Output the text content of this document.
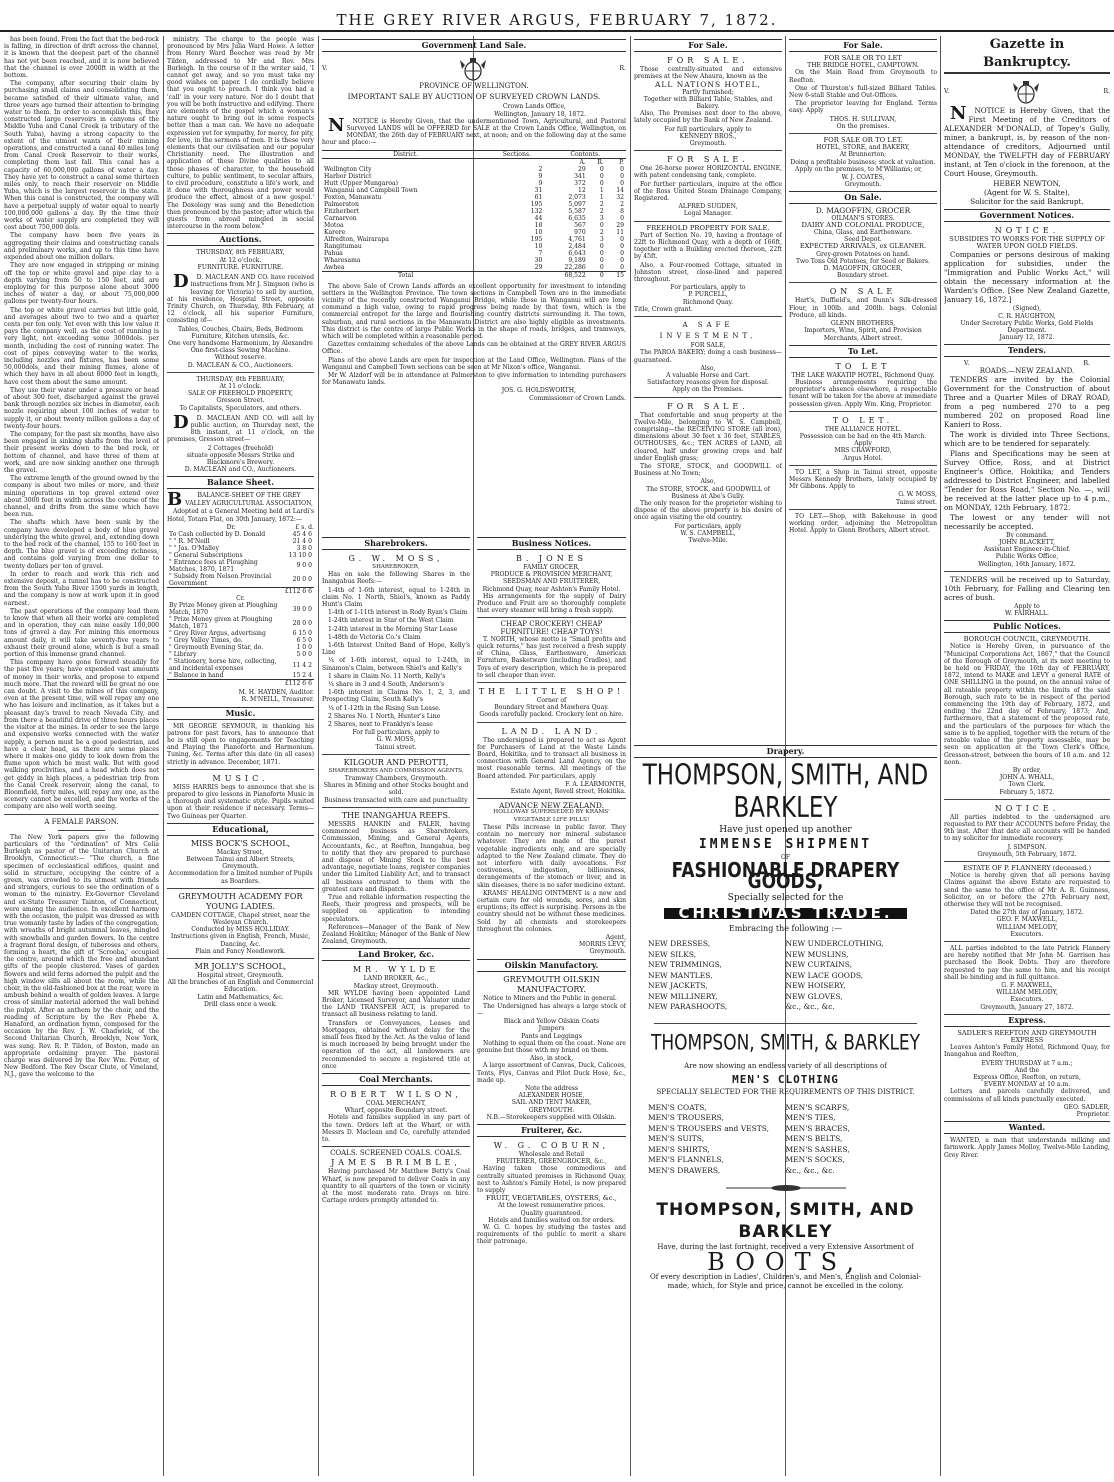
THE GREY RIVER ARGUS, FEBRUARY 7, 1872.
has been found. From the fact that the bed-rock is falling, in direction of drift across the channel, it is known that the deepest part of the channel has not yet been reached, and it is now believed that the channel is over 2000ft in width at the bottom.
The company, after securing their claim by purchasing small claims and consolidating them, became satisfied of their ultimate value, and three years ago turned their attention to bringing water to them. In order to accomplish this, they constructed large reservoirs in canyons of the Middle Yuba and Canal Creek (a tributary of the South Yuba), having a strong capacity to the extent of the utmost wants of their mining operations, and constructed a canal 40 miles long from Canal Creek Reservoir to their works, completing them last fall. This canal has a capacity of 60,000,000 gallons of water a day. They have yet to construct a canal some thirteen miles only, to reach their reservoir on Middle Yuba, which is the largest reservoir in the state. When this canal is constructed, the company will have a perpetual supply of water equal to nearly 100,000,000 gallons a day. By the time their works of water supply are completed they will cost about 750,000 dols.
The company have been five years in aggregating their claims and constructing canals and preliminary works, and up to this time have expended about one million dollars.
They are now engaged in stripping or mining off the top or white gravel and pipe clay to a depth varying from 50 to 150 feet, and are employing for this purpose alone about 3000 inches of water a day, or about 75,000,000 gallons per twenty-four hours.
The top or white gravel carries but little gold, and averages about two to two and a quarter cents per ton only. Yet even with this low value it pays the company well, as the cost of running is very light, not exceeding some 3000dols. per month, including the cost of running water. The cost of pipes conveying water to the works, including nozzles and fixtures, has been some 50,000dols, and their mining flumes, alone of which they have in all about 8000 feet in length, have cost them about the same amount.
They use their water under a pressure or head of about 300 feet, discharged against the gravel bank through nozzles six inches in diameter, each nozzle requiring about 100 inches of water to supply it, or about twenty million gallons a day of twenty-four hours.
The company, for the past six months, have also been engaged in sinking shafts from the level of their present works down to the bed rock, or bottom of channel, and have three of them at work, and are now sinking another one through the gravel.
The extreme length of the ground owned by the company is about two miles or more, and their mining operations in top gravel extend over about 3000 feet in width across the course of the channel, and drifts from the same which have been run.
The shafts which have been sunk by the company have developed a body of blue gravel underlying the white gravel, and, extending down to the bed rock of the channel, 155 to 160 feet in depth. The blue gravel is of exceeding richness, and contains gold varying from one dollar to twenty dollars per ton of gravel.
In order to reach and work this rich and extensive deposit, a tunnel has to be constructed from the South Yuba River 1500 yards in length, and the company is now at work upon it in good earnest.
The past operations of the company lead them to know that when all their works are completed and in operation, they can mine easily 100,000 tons of gravel a day. For mining this enormous amount daily, it will take seventy-five years to exhaust their ground alone, which is but a small portion of this immense grand channel.
This company have gone forward steadily for the past five years; have expended vast amounts of money in their works, and propose to expend much more. That the reward will be great no one can doubt. A visit to the mines of this company, even at the present time, will well repay any one who has leisure and inclination, as it takes but a pleasant day's travel to reach Nevada City, and from there a beautiful drive of three hours places the visitor at the mines. In order to see the large and expensive works connected with the water supply, a person must be a good pedestrian, and have a clear head, as there are some places where it makes one giddy to look down from the flume upon which he must walk. But with good walking proclivities, and a head which does not get giddy in high places, a pedestrian trip from the Canal Creek reservoir, along the canal, to Bloomfield, forty miles, will repay any one, as the scenery cannot be excelled, and the works of the company are also well worth seeing.
A FEMALE PARSON.
The New York papers give the following particulars of the "ordination" of Mrs Celia Burleigh as pastor of the Unitarian Church at Brooklyn, Connecticut:— "The church, a fine specimen of ecclesiastical edifices, quaint and solid in structure, occupying the centre of a green, was crowded to its utmost with friends and strangers, curious to see the ordination of a woman to the ministry. Ex-Governor Cleveland and ex-State Treasurer Tainton, of Connecticut, were among the audience. In excellent harmony with the occasion, the pulpit was dressed as with true womanly taste by ladies of the congregation, with wreaths of bright autumnal leaves, mingled with snowballs and garden flowers. In the centre a fragrant floral design, of tuberoses and others, forming a heart, the gift of 'Scrooba,' occupied the centre, around which the free and abundant gifts of the people clustered. Vases of garden flowers and wild ferns adorned the pulpit and the high window sills all about the room, while the choir, in the old-fashioned box at the rear, were in ambush behind a wealth of golden leaves. A large cross of similar material adorned the wall behind the pulpit. After an anthem by the choir, and the reading of Scripture by the Rev Phebe A. Hanaford, an ordination hymn, composed for the occasion by the Rev. J. W. Chadwick, of the Second Unitarian Church, Brooklyn, New York, was sung. Rev. R. P. Tilden, of Boston, made an appropriate ordaining prayer. The pastoral charge was delivered by the Rev Wm. Potter, of New Bedford. The Rev Oscar Clute, of Vineland, N.J., gave the welcome to the
ministry. The charge to the people was pronounced by Mrs Julia Ward Howe. A letter from Henry Ward Beecher was read by Mr Tilden, addressed to Mr and Rev. Mrs Burleigh. In the course of it the writer said, 'I cannot get away, and so you must take my good wishes on paper. I do cordially believe that you ought to preach. I think you had a 'call' in your very nature. Nor do I doubt that you will be both instructive and edifying. There are elements of the gospel which a woman's nature ought to bring out in some respects better than a man can. We have no adequate expression yet for sympathy, for mercy, for pity, for love, in the sermons of men. It is these very elements that our civilisation and our popular Christianity need. The illustration and application of these Divine qualities to all those phases of character, to the household culture, to public sentiment, to secular affairs, to civil procedure, constitute a life's work, and it done with thoroughness and power would produce the effect, almost of a new gospel.' The Doxology was sung and the Benediction then pronounced by the pastor; after which the guests from abroad mingled in social intercourse in the room below."
Auctions.
THURSDAY, 8th FEBRUARY,
At 12 o'clock.
FURNITURE. FURNITURE.
D D. MACLEAN AND CO. have received instructions from Mr J. Simpson (who is leaving for Victoria) to sell by auction, at his residence, Hospital Street, opposite Trinity Church, on Thursday, 8th February, at 12 o'clock, all his superior Furniture, consisting of—
Tables, Couches, Chairs, Beds, Bedroom Furniture, Kitchen utensils, &c.
One very handsome Harmonium, by Alexandre
One first-class Sewing Machine.
Without reserve.
D. MACLEAN & CO., Auctioneers.
THURSDAY, 8th FEBRUARY,
At 11 o'clock.
SALE OF FREEHOLD PROPERTY,
Gresson Street.
To Capitalists, Speculators, and others.
D D. MACLEAN AND CO. will sell by public auction, on Thursday next, the 8th instant, at 11 o'clock, on the premises, Gresson street—
2 Cottages (freehold)
situate opposite Messrs Strike and Blackmore's Brewery.
D. MACLEAN and CO., Auctioneers.
Balance Sheet.
B	BALANCE-SHEET OF THE GREY VALLEY AGRICULTURAL ASSOCIATION,
Adopted at a General Meeting held at Lardi's Hotel, Totara Flat, on 30th January, 1872:—
Dr.	£ s. d.
To Cash collected by D. Donald	45 4 6
" " R. M'Neill	21 4 0
" " Jas. O'Malley	3 8 0
" General Subscriptions	13 10 0
" Entrance fees at Ploughing Matches, 1870, 1871	9 0 0
" Subsidy from Nelson Provincial Government	20 0 0
	£112 6 6
Cr.
By Prize Money given at Ploughing Match, 1870	39 0 0
" Prize Money given at Ploughing Match, 1871	28 0 0
" Grey River Argus, advertising	6 15 0
" Grey Valley Times, do.	6 5 0
" Greymouth Evening Star, do.	1 0 0
" Library	5 0 0
" Stationery, horse hire, collecting, and incidental expenses	11 4 2
" Balance in hand	15 2 4
	£112 6 6
M. H. HAYDEN, Auditor.
R. M'NEILL, Treasurer.
Music.
MR GEORGE SEYMOUR, in thanking his patrons for past favors, has to announce that he is still open to engagements for Teaching and Playing the Pianoforte and Harmonium. Tuning, &c. Terms after this date (in all cases) strictly in advance. December, 1871.
MUSIC.
MISS HARRIS begs to announce that she is prepared to give lessons in Pianoforte Music in a thorough and systematic style. Pupils waited upon at their residence if necessary. Terms—Two Guineas per Quarter.
Educational,
MISS BOCK'S SCHOOL,
Mackay Street,
Between Tainui and Albert Streets,
Greymouth.
Accommodation for a limited number of Pupils as Boarders.
GREYMOUTH ACADEMY FOR YOUNG LADIES.
CAMDEN COTTAGE, Chapel street, near the Wesleyan Church.
Conducted by MISS HOLLIDAY.
Instructions given in English, French, Music, Dancing, &c.
Plain and Fancy Needlework.
MR JOLLY'S SCHOOL,
Hospital street, Greymouth.
All the branches of an English and Commercial Education.
Latin and Mathematics, &c.
Drill class once a week.
Government Land Sale.
V.	R.
PROVINCE OF WELLINGTON.
IMPORTANT SALE BY AUCTION OF SURVEYED CROWN LANDS.
Crown Lands Office,
Wellington, January 18, 1872.
N NOTICE is Hereby Given, that the undermentioned Town, Agricultural, and Pastoral Surveyed LANDS will be OFFERED for SALE at the Crown Lands Office, Wellington, on MONDAY, the 26th day of FEBRUARY next, at noon; and on the following day at the same hour and place:—
District.	Sections.	Contents.		
		A.	R.	P.
Wellington City	2	29	0	0
Harbor District	9	341	0	0
Hutt (Upper Mungaroa)	9	372	0	0
Wanganui and Campbell Town	31	12	1	14
Foxton, Manawatu	61	2,073	1	32
Palmerston	195	5,097	2	2
Fitzherbert	132	5,587	2	8
Carnarvon	44	6,635	3	0
Motoa	18	567	0	29
Karere	10	970	2	11
Alfredton, Wairarapa	195	4,761	3	0
Rangitumau	10	2,484	0	0
Pahua	7	6,643	0	0
Wharesama	30	9,189	0	0
Awhea	29	22,286	0	0
Total		68,522	0	15
The above Sale of Crown Lands affords an excellent opportunity for investment to intending settlers in the Wellington Province. The town sections in Campbell Town are in the immediate vicinity of the recently constructed Wanganui Bridge, while those in Wanganui will are long command a high value, owing to rapid progress being made by that town, which is the commercial entrepot for the large and flourishing country districts surrounding it. The town, suburban, and rural sections in the Manawatu District are also highly eligible as investments. This district is the centre of large Public Works in the shape of roads, bridges, and tramways, which will be completed within a reasonable period.
Gazettes containing schedules of the above Lands can be obtained at the GREY RIVER ARGUS Office.
Plans of the above Lands are open for inspection at the Land Office, Wellington. Plans of the Wanganui and Campbell Town sections can be seen at Mr Nixon's office, Wanganui.
Mr W. Alzdorf will be in attendance at Palmerston to give information to intending purchasers for Manawatu lands.
JOS. G. HOLDSWORTH,
Commissioner of Crown Lands.
Sharebrokers.
G. W. MOSS,
SHAREBROKER,
Has on sale the following Shares in the Inangahua Reefs:—
1-4th of 1-6th interest, equal to 1-24th in claim No. 1 North, Shiel's, known as Paddy Hunt's Claim
1-4th of 1-11th interest in Rody Ryan's Claim
1-24th interest in Star of the West Claim
1-24th interest in the Morning Star Lease
1-48th do Victoria Co.'s Claim
1-6th Interest United Band of Hope, Kelly's Line
¼ of 1-6th interest, equal to 1-24th, in Sinamon's Claim, between Shiel's and Kelly's
1 share in Claim No. 11 North, Kelly's
¼ share in 3 and 4 South, Anderson's
1-6th interest in Claims No. 1, 2, 3, and Prospecting Claim, South Kelly's
¼ of 1-12th in the Rising Sun Lease.
2 Shares No. 1 North, Hunter's Line
2 Shares, next to Franklyn's lease
For full particulars, apply to
G. W. MOSS,
Tainui street.
KILGOUR AND PEROTTI,
SHAREBROKERS AND COMMISSION AGENTS,
Tramway Chambers, Greymouth.
Shares in Mining and other Stocks bought and sold.
Business transacted with care and punctuality
THE INANGAHUA REEFS.
MESSRS HANKIN and FALER, having commenced business as Sharebrokers, Commission, Mining, and General Agents, Accountants, &c., at Reefton, Inangahua, beg to notify that they are prepared to purchase and dispose of Mining Stock to the best advantage, negotiate loans, register companies under the Limited Liability Act, and to transact all business entrusted to them with the greatest care and dispatch.
True and reliable information respecting the Reefs, their progress and prospects, will be supplied on application to intending speculators.
References—Manager of the Bank of New Zealand Hokitika; Manager of the Bank of New Zealand, Greymouth.
Land Broker, &c.
MR. WYLDE
LAND BROKER, &c.,
Mackay street, Greymouth.
MR WYLDE having been appointed Land Broker, Licensed Surveyor, and Valuator under the LAND TRANSFER ACT, is prepared to transact all business relating to land.
Transfers or Conveyances, Leases and Mortgages, obtained without delay for the small fees fixed by the Act. As the value of land is much increased by being brought under the operation of the act, all landowners are recommended to secure a registered title at once
Coal Merchants.
ROBERT WILSON,
COAL MERCHANT,
Wharf, opposite Boundary street.
Hotels and families supplied in any part of the town. Orders left at the Wharf, or with Messrs D. Maclean and Co, carefully attended to.
COALS. SCREENED COALS. COALS.
JAMES BRIMBLE,
Having purchased Mr Matthew Betty's Coal Wharf, is now prepared to deliver Coals in any quantity to all quarters of the town or vicinity at the most moderate rate. Drays on hire. Cartage orders promptly attended to.
Business Notices.
B. JONES
FAMILY GROCER,
PRODUCE & PROVISION MERCHANT,
SEEDSMAN AND FRUITERER,
Richmond Quay, near Ashton's Family Hotel.
His arrangements for the supply of Dairy Produce and Fruit are so thoroughly complete that every steamer will bring a fresh supply.
CHEAP CROCKERY! CHEAP FURNITURE! CHEAP TOYS!
T. NORTH, whose motto is "Small profits and quick returns," has just received a fresh supply of China, Glass, Earthenware, American Furniture, Basketware (including Cradles), and Toys of every description, which he is prepared to sell cheaper than ever.
THE LITTLE SHOP!
Corner of
Boundary Street and Mawhera Quay.
Goods carefully packed. Crockery lent on hire.
LAND. LAND.
The undersigned is prepared to act as Agent for Purchasers of Land at the Waste Lands Board, Hokitika, and to transact all business in connection with General Land Agency, on the most reasonable terms. All meetings of the Board attended. For particulars, apply
F. A. LEARMONTH,
Estate Agent, Revell street, Hokitika.
ADVANCE NEW ZEALAND.
HOLLOWAY SUPERSEDED BY KRAMS' VEGETABLE LIFE PILLS!
These Pills increase in public favor. They contain no mercury nor mineral substance whatever. They are made of the purest vegetable ingredients only, and are specially adapted to the New Zealand climate. They do not interfere with daily avocations. For costiveness, indigestion, billiousness, derangements of the stomach or liver, and in skin diseases, there is no safer medicine extant.
KRAMS' HEALING OINTMENT is a new and certain cure for old wounds, sores, and skin eruptions; its effect is surprising. Persons in the country should not be without these medicines. Sold by all chemists and storekeepers throughout the colonies.
Agent,
MORRIS LEVY,
Greymouth.
Oilskin Manufactory.
GREYMOUTH OILSKIN MANUFACTORY.
Notice to Miners and the Public in general.
The Undersigned has always a large stock of—
Black and Yellow Oilskin Coats
Jumpers
Pants and Leggings
Nothing to equal them on the coast. None are genuine but those with my brand on them.
Also, in stock,
A large assortment of Canvas, Duck, Calicoes, Tents, Flys, Canvas and Pilot Duck Hose, &c., made up.
Note the address
ALEXANDER HOSIE,
SAIL AND TENT MAKER,
GREYMOUTH.
N.B.—Storekeepers supplied with Oilskin.
Fruiterer, &c.
W. G. COBURN,
Wholesale and Retail
FRUITERER, GREENGROCER, &c.,
Having taken those commodious and centrally situated premises in Richmond Quay, next to Ashton's Family Hotel, is now prepared to supply
FRUIT, VEGETABLES, OYSTERS, &c.,
At the lowest remunerative prices.
Quality guaranteed.
Hotels and families waited on for orders.
W. G. C. hopes by studying the tastes and requirements of the public to merit a share their patronage.
For Sale.
FOR SALE.
Those centrally-situated and extensive premises at the New Ahaura, known as the
ALL NATIONS HOTEL,
Partly furnished;
Together with Billiard Table, Stables, and Bakery.
Also, The Premises next door to the above, lately occupied by the Bank of New Zealand.
For full particulars, apply to
KENNEDY BROS.,
Greymouth.
FOR SALE.
One 26-horse power HORIZONTAL ENGINE, with patent condensing tank, complete.
For further particulars, inquire at the office of the Ross United Steam Drainage Company, Registered.
ALFRED SUGDEN,
Legal Manager.
FREEHOLD PROPERTY FOR SALE.
Part of Section No. 19, having a frontage of 22ft to Richmond Quay, with a depth of 166ft, together with a Building erected thereon, 22ft by 45ft.
Also, a Four-roomed Cottage, situated in Johnston street, close-lined and papered throughout.
For particulars, apply to
P. PURCELL,
Richmond Quay.
Title, Crown grant.
A SAFE INVESTMENT,
FOR SALE,
The PAROA BAKERY; doing a cash business—guaranteed.
Also,
A valuable Horse and Cart.
Satisfactory reasons given for disposal.
Apply on the Premises.
FOR SALE.
That comfortable and snug property at the Twelve-Mile, belonging to W. S. Campbell, comprising—the RECEIVING STORE (all iron), dimensions about 30 feet x 36 feet, STABLES, OUTHOUSES, &c.; TEN ACRES of LAND, all cleared, half under growing crops and half under English grass;
The STORE, STOCK, and GOODWILL of Business at No Town;
Also,
The STORE, STOCK, and GOODWILL of Business at Abe's Gully.
The only reason for the proprietor wishing to dispose of the above property is his desire of once again visiting the old country.
For particulars, apply
W. S. CAMPBELL,
Twelve-Mile.
For Sale.
FOR SALE OR TO LET
THE BRIDGE HOTEL, CAMPTOWN.
On the Main Road from Greymouth to Reefton.
One of Thurston's full-sized Billiard Tables. New 6-stall Stable and Out-Offices.
The proprietor leaving for England. Terms easy. Apply
THOS. H. SULLIVAN,
On the premises.
FOR SALE OR TO LET.
HOTEL, STORE, and BAKERY,
At Brunnerton;
Doing a profitable business; stock at valuation.
Apply on the premises, to M'Williams; or,
W. J. COATES,
Greymouth.
On Sale.
D. MAGOFFIN, GROCER
OILMAN'S STORES.
DAIRY AND COLONIAL PRODUCE,
China, Glass, and Earthenware.
Seed Depot.
EXPECTED ARRIVALS, ex GLEANER.
Grey-grown Potatoes on hand.
Two Tons Old Potatoes, for Seed or Bakers.
D. MAGOFFIN, GROCER,
Boundary street.
ON SALE
Hart's, Duffield's, and Dunn's Silk-dressed Flour, in 100lb. and 200lb. bags. Colonial Produce, all kinds.
GLENN BROTHERS,
Importers, Wine, Spirit, and Provision Merchants, Albert street.
To Let.
TO LET
THE LAKE WAKATIP HOTEL, Richmond Quay.
Business arrangements requiring the proprietor's absence elsewhere, a respectable tenant will be taken for the above at immediate possession given. Apply Wm. King, Proprietor.
TO LET.
THE ALLIANCE HOTEL.
Possession can be had on the 4th March.
Apply
MRS CRAWFORD,
Argus Hotel.
TO LET, a Shop in Tainui street, opposite Messrs Kennedy Brothers, lately occupied by Mr Gibbons. Apply to
G. W. MOSS,
Tainui street.
TO LET.—Shop, with Bakehouse in good working order, adjoining the Metropolitan Hotel. Apply to Glenn Brothers, Albert street.
Drapery.
THOMPSON, SMITH, AND BARKLEY
Have just opened up another
IMMENSE SHIPMENT
OF
FASHIONABLE DRAPERY GOODS,
Specially selected for the
CHRISTMAS TRADE.
Embracing the following :—
NEW DRESSES,	NEW UNDERCLOTHING,
NEW SILKS,	NEW MUSLINS,
NEW TRIMMINGS,	NEW CURTAINS,
NEW MANTLES,	NEW LACE GOODS,
NEW JACKETS,	NEW HOISERY,
NEW MILLINERY,	NEW GLOVES,
NEW PARASHOOTS,	&c., &c., &c.
THOMPSON, SMITH, & BARKLEY
Are now showing an endless variety of all descriptions of
MEN'S CLOTHING
SPECIALLY SELECTED FOR THE REQUIREMENTS OF THIS DISTRICT.
MEN'S COATS,	MEN'S SCARFS,
MEN'S TROUSERS,	MEN'S TIES,
MEN'S TROUSERS and VESTS,	MEN'S BRACES,
MEN'S SUITS,	MEN'S BELTS,
MEN'S SHIRTS,	MEN'S SASHES,
MEN'S FLANNELS,	MEN'S SOCKS,
MEN'S DRAWERS,	&c., &c., &c.
THOMPSON, SMITH, AND BARKLEY
Have, during the last fortnight, received a very Extensive Assortment of
BOOTS,
Of every description in Ladies', Children's, and Men's, English and Colonial-made, which, for Style and price, cannot be excelled in the colony.
Gazette in Bankruptcy.
V.	R.
N NOTICE is Hereby Given, that the First Meeting of the Creditors of ALEXANDER M'DONALD, of Topey's Gully, miner, a bankrupt, is, by reason of the non-attendance of creditors, Adjourned until MONDAY, the TWELFTH day of FEBRUARY instant, at Ten o'clock in the forenoon, at the Court House, Greymouth.
HEBER NEWTON,
(Agent for W. S. Stalte),
Solicitor for the said Bankrupt.
Government Notices.
NOTICE.
SUBSIDIES TO WORKS FOR THE SUPPLY OF WATER UPON GOLD FIELDS.
Companies or persons desirous of making application for subsidies, under the "Immigration and Public Works Act," will obtain the necessary information at the Warden's Office. [See New Zealand Gazette, January 16, 1872.]
(Signed),
C. R. HAUGHTON,
Under Secretary Public Works, Gold Fields Department.
January 12, 1872.
Tenders.
V.	R.
ROADS.—NEW ZEALAND.
TENDERS are invited by the Colonial Government for the Construction of about Three and a Quarter Miles of DRAY ROAD, from a peg numbered 270 to a peg numbered 202 on proposed Road line Kanieri to Ross.
The work is divided into Three Sections, which are to be tendered for separately.
Plans and Specifications may be seen at Survey Office, Ross, and at District Engineer's Office, Hokitika; and Tenders addressed to District Engineer, and labelled "Tender for Ross Road," Section No. —, will be received at the latter place up to 4 p.m., on MONDAY, 12th February, 1872.
The lowest or any tender will not necessarily be accepted.
By command.
JOHN BLACKETT,
Assistant Engineer-in-Chief.
Public Works Office,
Wellington, 16th January, 1872.
TENDERS will be received up to Saturday, 10th February, for Falling and Clearing ten acres of bush.
Apply to
W. FAIRHALL.
Public Notices.
BOROUGH COUNCIL, GREYMOUTH.
Notice is Hereby Given, in pursuance of the "Municipal Corporations Act, 1867," that the Council of the Borough of Greymouth, at its next meeting to be held on FRIDAY, the 16th day of FEBRUARY, 1872, intend to MAKE and LEVY a general RATE of ONE SHILLING in the pound, on the annual value of all rateable property within the limits of the said Borough, such rate to be in respect of the period commencing the 19th day of February, 1872, and ending the 22nd day of February, 1873; And, furthermore, that a statement of the proposed rate, and the particulars of the purposes for which the same is to be applied, together with the return of the rateable value of the property assessable, may be seen on application at the Town Clerk's Office, Gresson-street, between the hours of 10 a.m. and 12 noon.
By order,
JOHN A. WHALL,
Town Clerk.
February 5, 1872.
NOTICE.
All parties indebted to the undersigned are requested to PAY their ACCOUNTS before Friday, the 9th inst. After that date all accounts will be handed to my solicitor for immediate recovery.
J. SIMPSON.
Greymouth, 5th February, 1872.
ESTATE OF P. FLANNERY (deceased.)
Notice is hereby given that all persons having Claims against the above Estate are requested to send the same to the office of Mr A. R. Guinness, Solicitor, on or before the 27th February next, otherwise they will not be recognised.
Dated the 27th day of January, 1872.
GEO. F. MAXWELL,
WILLIAM MELODY,
Executors.
ALL parties indebted to the late Patrick Flannery are hereby notified that Mr John M. Garrison has purchased the Book Debts. They are therefore requested to pay the same to him, and his receipt shall be binding and in full quittance.
G. F. MAXWELL,
WILLIAM MELODY,
Executors.
Greymouth, January 27, 1872.
Express.
SADLER'S REEFTON AND GREYMOUTH EXPRESS
Leaves Ashton's Family Hotel, Richmond Quay, for Inangahua and Reefton,
EVERY THURSDAY at 7 a.m.;
And the
Express Office, Reefton, on return,
EVERY MONDAY at 10 a.m.
Letters and parcels carefully delivered, and commissions of all kinds punctually executed.
GEO. SADLER,
Proprietor.
Wanted.
WANTED, a man that understands milking and farmwork. Apply James Molloy, Twelve-Mile Landing, Grey River.
